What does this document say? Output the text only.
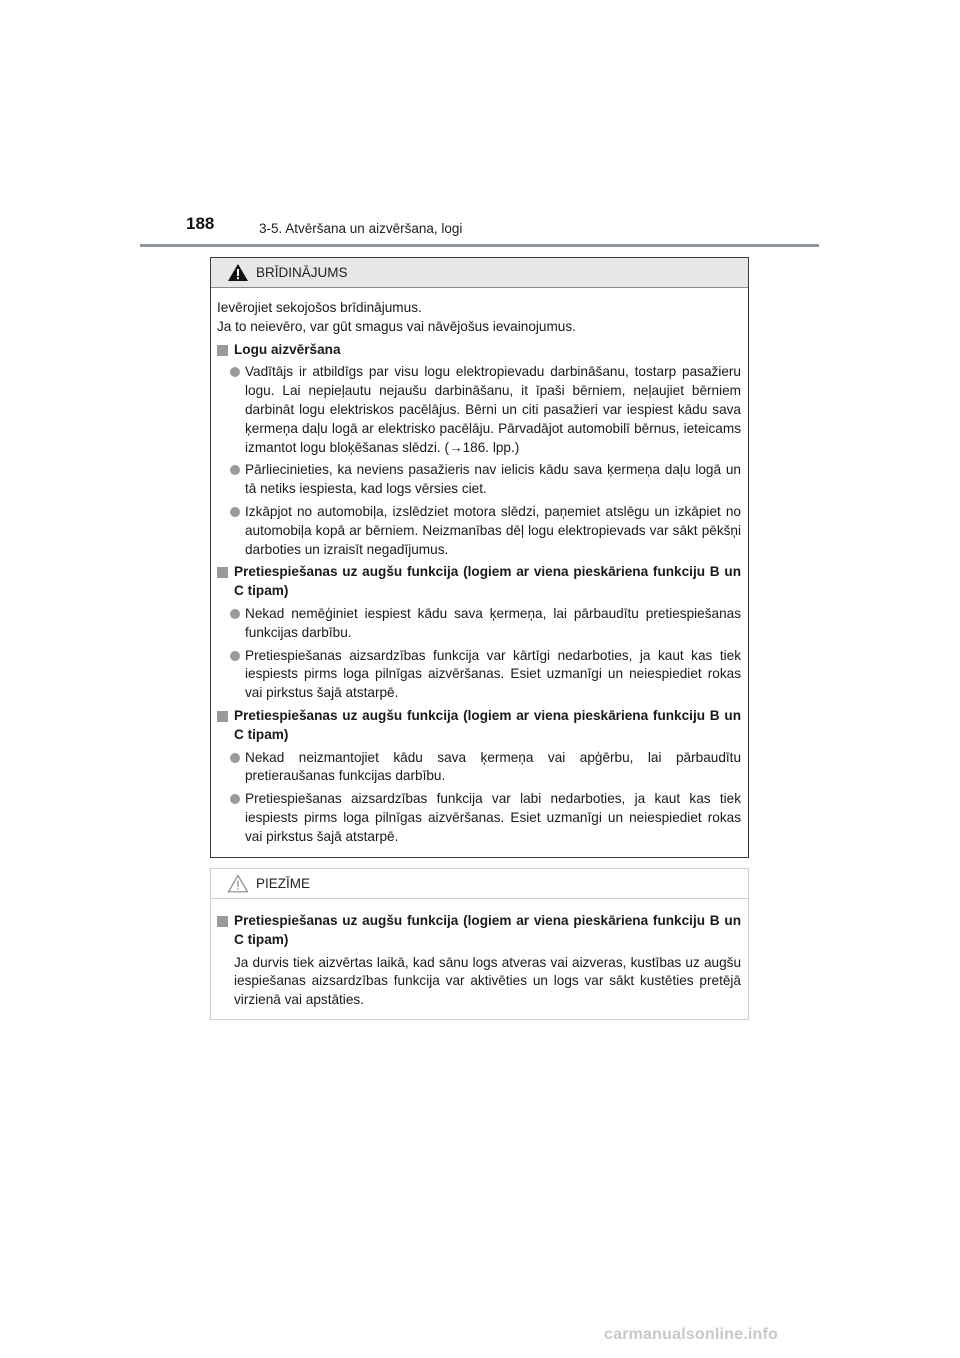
188	3-5. Atvēršana un aizvēršana, logi
BRĪDINĀJUMS

Ievērojiet sekojošos brīdinājumus.

Ja to neievēro, var gūt smagus vai nāvējošus ievainojumus.

Logu aizvēršana
Vadītājs ir atbildīgs par visu logu elektropievadu darbināšanu, tostarp pasažieru logu. Lai nepieļautu nejaušu darbināšanu, it īpaši bērniem, neļaujiet bērniem darbināt logu elektriskos pacēlājus. Bērni un citi pasažieri var iespiest kādu sava ķermeņa daļu logā ar elektrisko pacēlāju. Pārvadājot automobilī bērnus, ieteicams izmantot logu bloķēšanas slēdzi. (→186. lpp.)
Pārliecinieties, ka neviens pasažieris nav ielicis kādu sava ķermeņa daļu logā un tā netiks iespiesta, kad logs vērsies ciet.
Izkāpjot no automobiļa, izslēdziet motora slēdzi, paņemiet atslēgu un izkāpiet no automobiļa kopā ar bērniem. Neizmanības dēļ logu elektropievads var sākt pēkšņi darboties un izraisīt negadījumus.
Pretiespiešanas uz augšu funkcija (logiem ar viena pieskāriena funkciju B un C tipam)
Nekad nemēģiniet iespiest kādu sava ķermeņa, lai pārbaudītu pretiespiešanas funkcijas darbību.
Pretiespiešanas aizsardzības funkcija var kārtīgi nedarboties, ja kaut kas tiek iespiests pirms loga pilnīgas aizvēršanas. Esiet uzmanīgi un neiespiediet rokas vai pirkstus šajā atstarpē.
Pretiespiešanas uz augšu funkcija (logiem ar viena pieskāriena funkciju B un C tipam)
Nekad neizmantojiet kādu sava ķermeņa vai apģērbu, lai pārbaudītu pretieraušanas funkcijas darbību.
Pretiespiešanas aizsardzības funkcija var labi nedarboties, ja kaut kas tiek iespiests pirms loga pilnīgas aizvēršanas. Esiet uzmanīgi un neiespiediet rokas vai pirkstus šajā atstarpē.
PIEZĪME
Pretiespiešanas uz augšu funkcija (logiem ar viena pieskāriena funkciju B un C tipam)
Ja durvis tiek aizvērtas laikā, kad sānu logs atveras vai aizveras, kustības uz augšu iespiešanas aizsardzības funkcija var aktivēties un logs var sākt kustēties pretējā virzienā vai apstāties.
carmanualsonline.info
